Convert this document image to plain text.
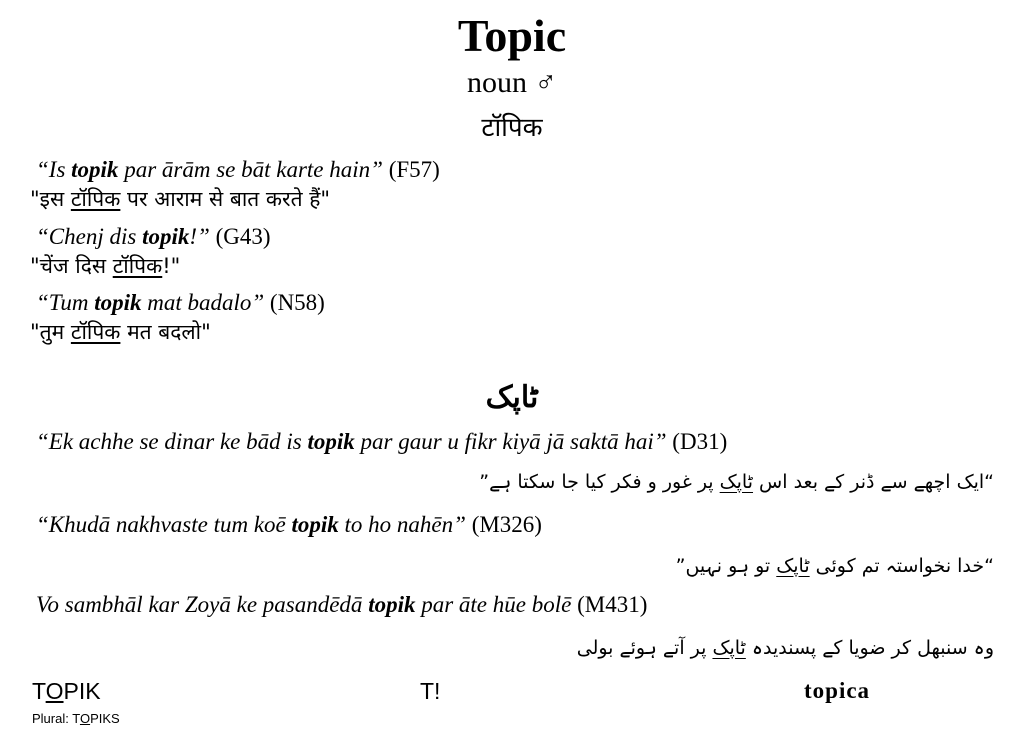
Topic
noun ♂
टॉपिक
“Is topik par ārām se bāt karte hain” (F57)
"इस टॉपिक पर आराम से बात करते हैं"
“Chenj dis topik!” (G43)
"चेंज दिस टॉपिक!"
“Tum topik mat badalo” (N58)
"तुम टॉपिक मत बदलो"
ٹاپک
“Ek achhe se dinar ke bād is topik par gaur u fikr kiyā jā saktā hai” (D31)
“ایک اچھے سے ڈنر کے بعد اس ٹاپک پر غور و فکر کیا جا سکتا ہے”
“Khudā nakhvaste tum koē topik to ho nahēn” (M326)
“خدا نخواستہ تم کوئی ٹاپک تو ہو نہیں”
Vo sambhāl kar Zoyā ke pasandēdā topik par āte hūe bolē (M431)
وہ سنبھل کر ضویا کے پسندیدہ ٹاپک پر آتے ہوئے بولی
TOPIK
Plural: TOPIKS
T!	topica
